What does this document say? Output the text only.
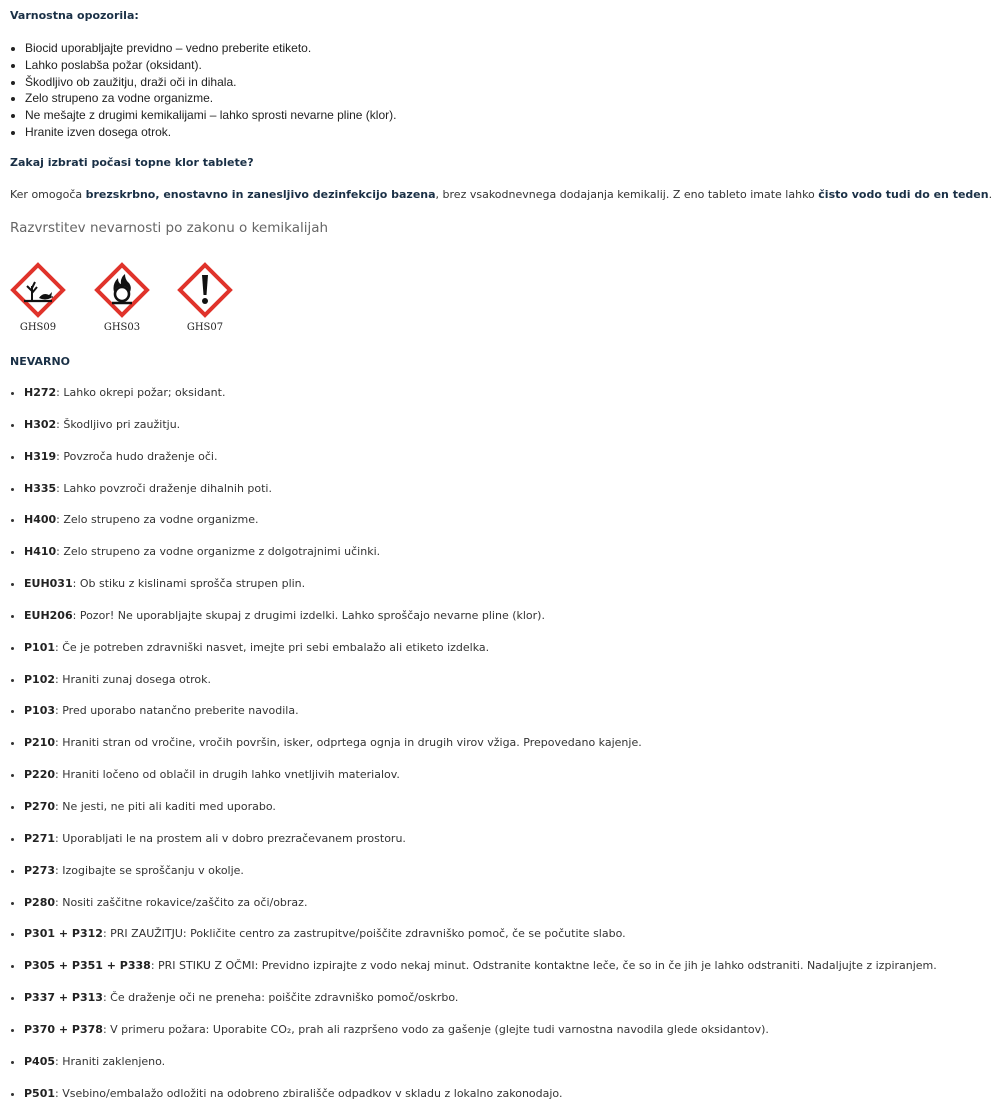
Varnostna opozorila:
• Biocid uporabljajte previdno – vedno preberite etiketo.
• Lahko poslabša požar (oksidant).
• Škodljivo ob zaužitju, draži oči in dihala.
• Zelo strupeno za vodne organizme.
• Ne mešajte z drugimi kemikalijami – lahko sprosti nevarne pline (klor).
• Hranite izven dosega otrok.
Zakaj izbrati počasi topne klor tablete?

Ker omogoča brezskrbno, enostavno in zanesljivo dezinfekcijo bazena, brez vsakodnevnega dodajanja kemikalij. Z eno tableto imate lahko čisto vodo tudi do en teden.

Razvrstitev nevarnosti po zakonu o kemikalijah
GHS09	GHS03	GHS07
NEVARNO
• H272: Lahko okrepi požar; oksidant.
• H302: Škodljivo pri zaužitju.
• H319: Povzroča hudo draženje oči.
• H335: Lahko povzroči draženje dihalnih poti.
• H400: Zelo strupeno za vodne organizme.
• H410: Zelo strupeno za vodne organizme z dolgotrajnimi učinki.
• EUH031: Ob stiku z kislinami sprošča strupen plin.
• EUH206: Pozor! Ne uporabljajte skupaj z drugimi izdelki. Lahko sproščajo nevarne pline (klor).
• P101: Če je potreben zdravniški nasvet, imejte pri sebi embalažo ali etiketo izdelka.
• P102: Hraniti zunaj dosega otrok.
• P103: Pred uporabo natančno preberite navodila.
• P210: Hraniti stran od vročine, vročih površin, isker, odprtega ognja in drugih virov vžiga. Prepovedano kajenje.
• P220: Hraniti ločeno od oblačil in drugih lahko vnetljivih materialov.
• P270: Ne jesti, ne piti ali kaditi med uporabo.
• P271: Uporabljati le na prostem ali v dobro prezračevanem prostoru.
• P273: Izogibajte se sproščanju v okolje.
• P280: Nositi zaščitne rokavice/zaščito za oči/obraz.
• P301 + P312: PRI ZAUŽITJU: Pokličite centro za zastrupitve/poiščite zdravniško pomoč, če se počutite slabo.
• P305 + P351 + P338: PRI STIKU Z OČMI: Previdno izpirajte z vodo nekaj minut. Odstranite kontaktne leče, če so in če jih je lahko odstraniti. Nadaljujte z izpiranjem.
• P337 + P313: Če draženje oči ne preneha: poiščite zdravniško pomoč/oskrbo.
• P370 + P378: V primeru požara: Uporabite CO₂, prah ali razpršeno vodo za gašenje (glejte tudi varnostna navodila glede oksidantov).
• P405: Hraniti zaklenjeno.
• P501: Vsebino/embalažo odložiti na odobreno zbirališče odpadkov v skladu z lokalno zakonodajo.
